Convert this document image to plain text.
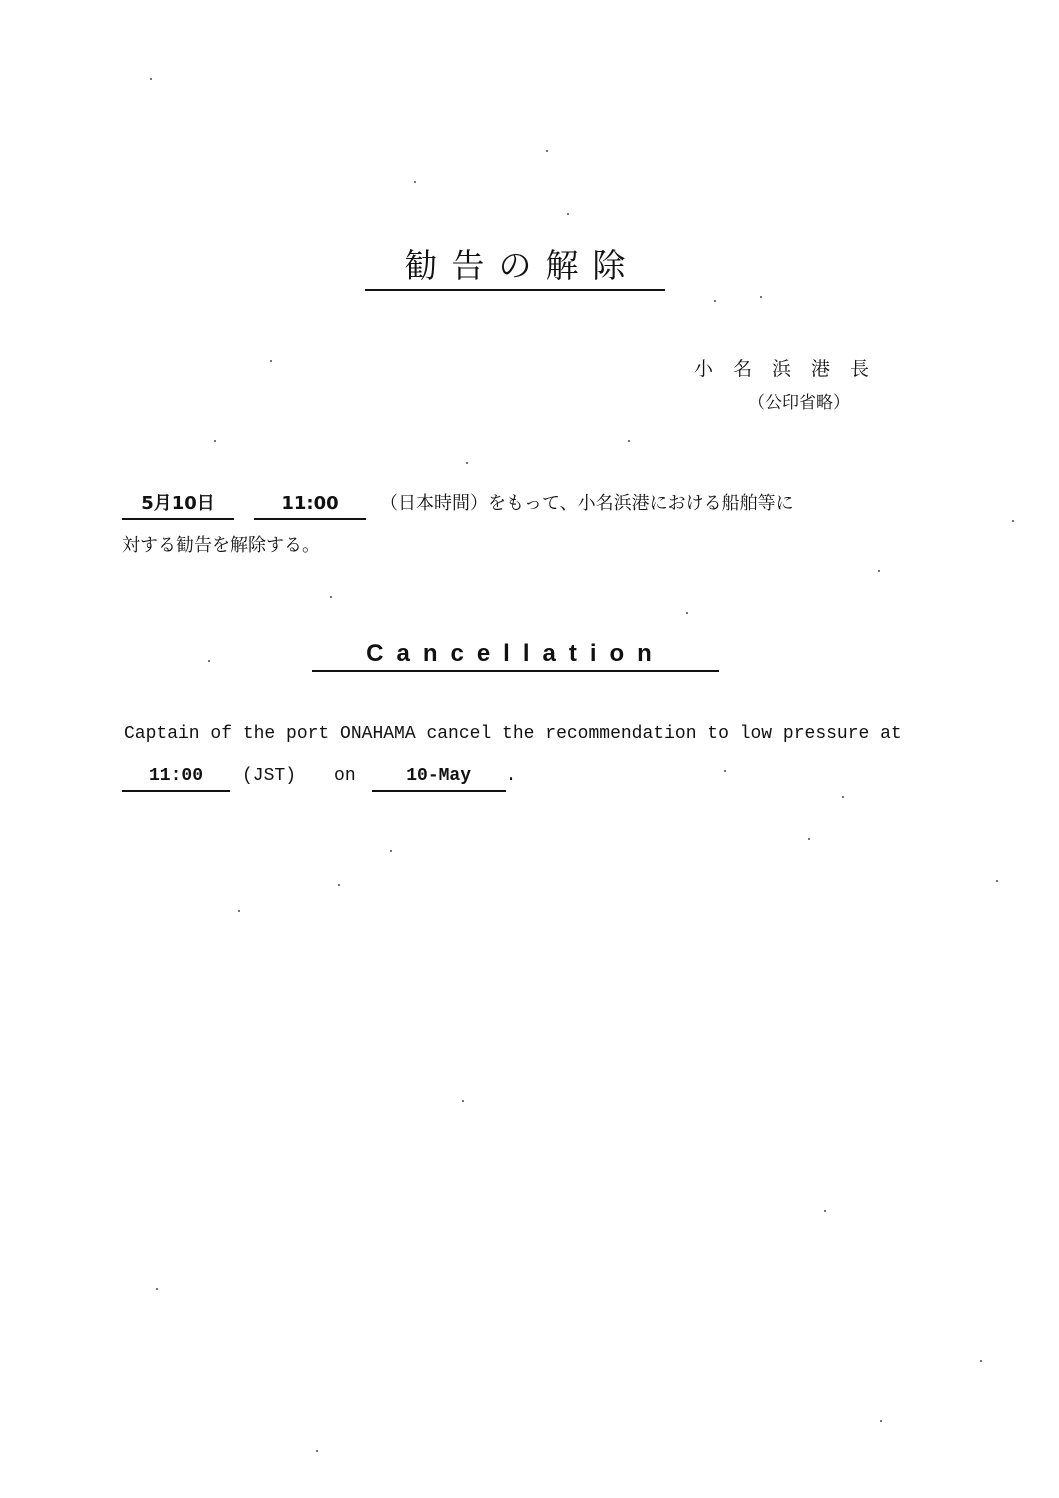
勧告の解除
小名浜港長
（公印省略）
5月10日	11:00 （日本時間）をもって、小名浜港における船舶等に
対する勧告を解除する。
Cancellation
Captain of the port ONAHAMA cancel the recommendation to low pressure at
11:00 (JST) on	10-May .
